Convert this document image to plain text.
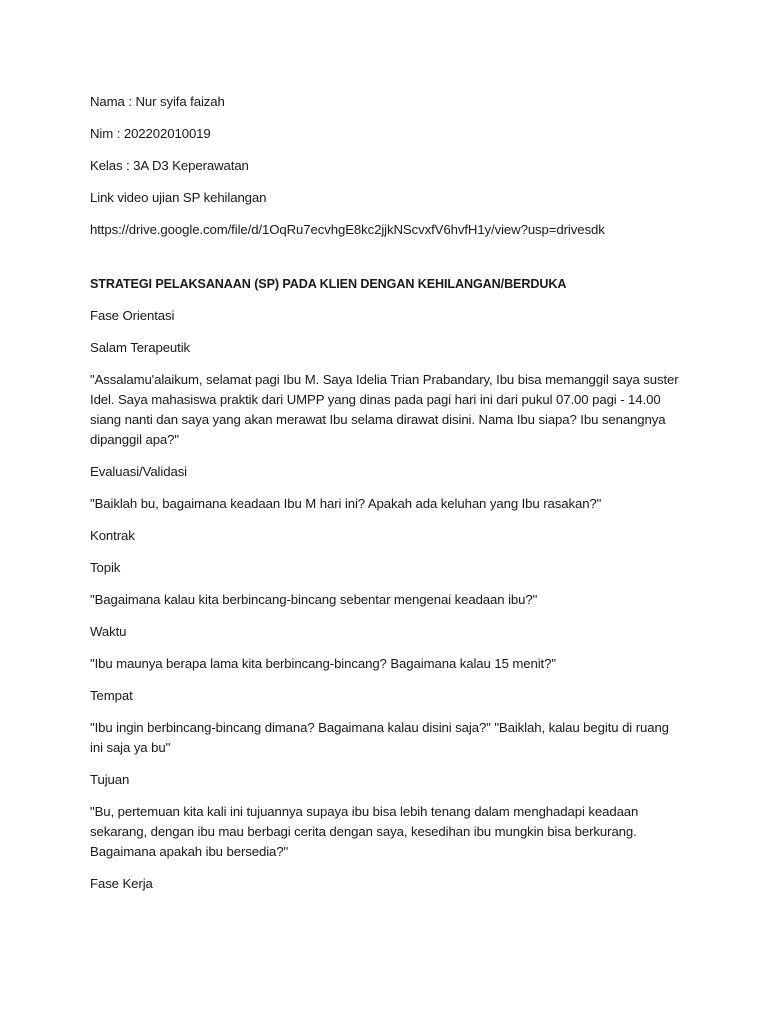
Nama : Nur syifa faizah

Nim : 202202010019

Kelas : 3A D3 Keperawatan

Link video ujian SP kehilangan

https://drive.google.com/file/d/1OqRu7ecvhgE8kc2jjkNScvxfV6hvfH1y/view?usp=drivesdk

STRATEGI PELAKSANAAN (SP) PADA KLIEN DENGAN KEHILANGAN/BERDUKA

Fase Orientasi

Salam Terapeutik

"Assalamu'alaikum, selamat pagi Ibu M. Saya Idelia Trian Prabandary, Ibu bisa memanggil saya suster Idel. Saya mahasiswa praktik dari UMPP yang dinas pada pagi hari ini dari pukul 07.00 pagi - 14.00 siang nanti dan saya yang akan merawat Ibu selama dirawat disini. Nama Ibu siapa? Ibu senangnya dipanggil apa?"

Evaluasi/Validasi

"Baiklah bu, bagaimana keadaan Ibu M hari ini? Apakah ada keluhan yang Ibu rasakan?"

Kontrak

Topik

"Bagaimana kalau kita berbincang-bincang sebentar mengenai keadaan ibu?"

Waktu

"Ibu maunya berapa lama kita berbincang-bincang? Bagaimana kalau 15 menit?"

Tempat

"Ibu ingin berbincang-bincang dimana? Bagaimana kalau disini saja?" "Baiklah, kalau begitu di ruang ini saja ya bu"

Tujuan

"Bu, pertemuan kita kali ini tujuannya supaya ibu bisa lebih tenang dalam menghadapi keadaan sekarang, dengan ibu mau berbagi cerita dengan saya, kesedihan ibu mungkin bisa berkurang. Bagaimana apakah ibu bersedia?"

Fase Kerja
